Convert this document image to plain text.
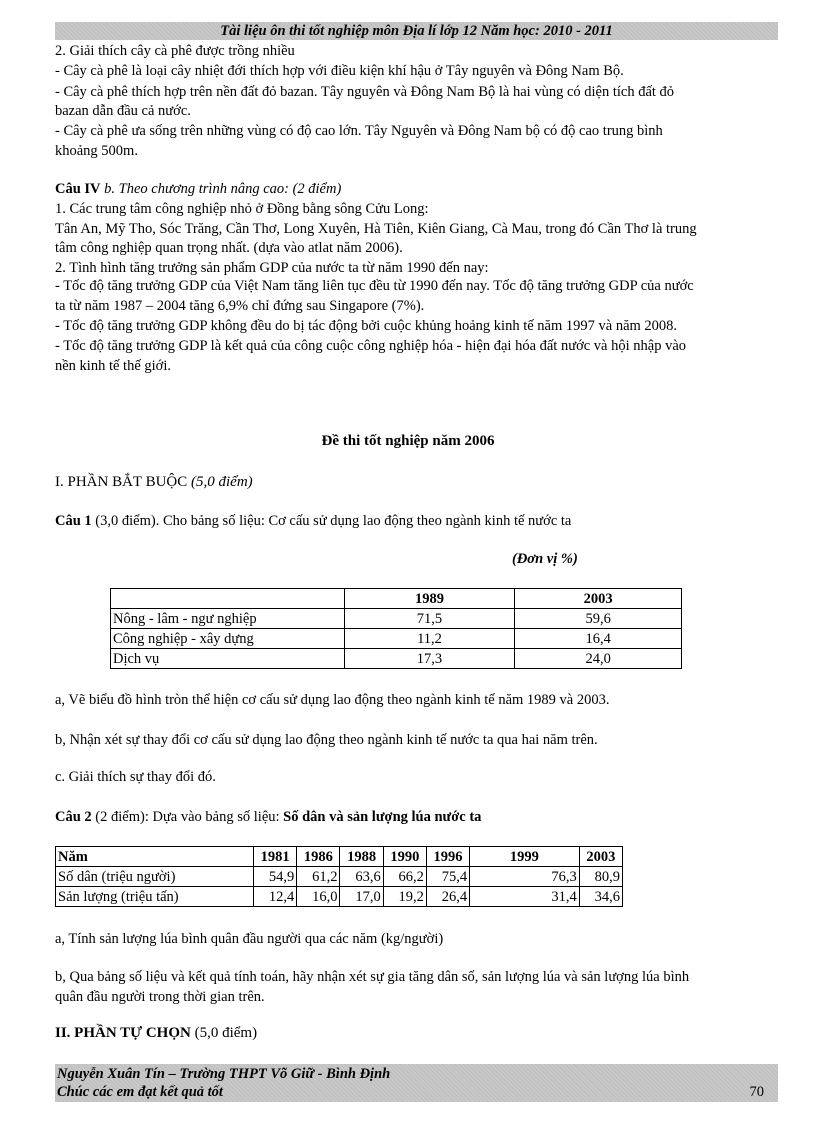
Tài liệu ôn thi tốt nghiệp môn Địa lí lớp 12 Năm học: 2010 - 2011
2. Giải thích cây cà phê được trồng nhiều
- Cây cà phê là loại cây nhiệt đới thích hợp với điều kiện khí hậu ở Tây nguyên và Đông Nam Bộ.
- Cây cà phê thích hợp trên nền đất đỏ bazan. Tây nguyên và Đông Nam Bộ là hai vùng có diện tích đất đỏ
bazan dẫn đầu cả nước.
- Cây cà phê ưa sống trên những vùng có độ cao lớn. Tây Nguyên và Đông Nam bộ có độ cao trung bình
khoảng 500m.
Câu IV b. Theo chương trình nâng cao: (2 điểm)
1. Các trung tâm công nghiệp nhỏ ở Đồng bằng sông Cửu Long:
Tân An, Mỹ Tho, Sóc Trăng, Cần Thơ, Long Xuyên, Hà Tiên, Kiên Giang, Cà Mau, trong đó Cần Thơ là trung
tâm công nghiệp quan trọng nhất. (dựa vào atlat năm 2006).
2. Tình hình tăng trưởng sản phẩm GDP của nước ta từ năm 1990 đến nay:
- Tốc độ tăng trưởng GDP của Việt Nam tăng liên tục đều từ 1990 đến nay. Tốc độ tăng trưởng GDP của nước
ta từ năm 1987 – 2004 tăng 6,9% chỉ đứng sau Singapore (7%).
- Tốc độ tăng trưởng GDP không đều do bị tác động bởi cuộc khủng hoảng kinh tế năm 1997 và năm 2008.
- Tốc độ tăng trưởng GDP là kết quả của công cuộc công nghiệp hóa - hiện đại hóa đất nước và hội nhập vào
nền kinh tế thế giới.
Đề thi tốt nghiệp năm 2006
I. PHẦN BẮT BUỘC (5,0 điểm)
Câu 1 (3,0 điểm). Cho bảng số liệu: Cơ cấu sử dụng lao động theo ngành kinh tế nước ta
(Đơn vị %)
	1989	2003
Nông - lâm - ngư nghiệp	71,5	59,6
Công nghiệp - xây dựng	11,2	16,4
Dịch vụ	17,3	24,0
a, Vẽ biểu đồ hình tròn thể hiện cơ cấu sử dụng lao động theo ngành kinh tế năm 1989 và 2003.
b, Nhận xét sự thay đổi cơ cấu sử dụng lao động theo ngành kinh tế nước ta qua hai năm trên.
c. Giải thích sự thay đổi đó.
Câu 2 (2 điểm): Dựa vào bảng số liệu: Số dân và sản lượng lúa nước ta
Năm	1981	1986	1988	1990	1996	1999	2003
Số dân (triệu người)	54,9	61,2	63,6	66,2	75,4	76,3	80,9
Sản lượng (triệu tấn)	12,4	16,0	17,0	19,2	26,4	31,4	34,6
a, Tính sản lượng lúa bình quân đầu người qua các năm (kg/người)
b, Qua bảng số liệu và kết quả tính toán, hãy nhận xét sự gia tăng dân số, sản lượng lúa và sản lượng lúa bình
quân đầu người trong thời gian trên.
II. PHẦN TỰ CHỌN (5,0 điểm)
Nguyễn Xuân Tín – Trường THPT Võ Giữ - Bình Định
Chúc các em đạt kết quả tốt	70
